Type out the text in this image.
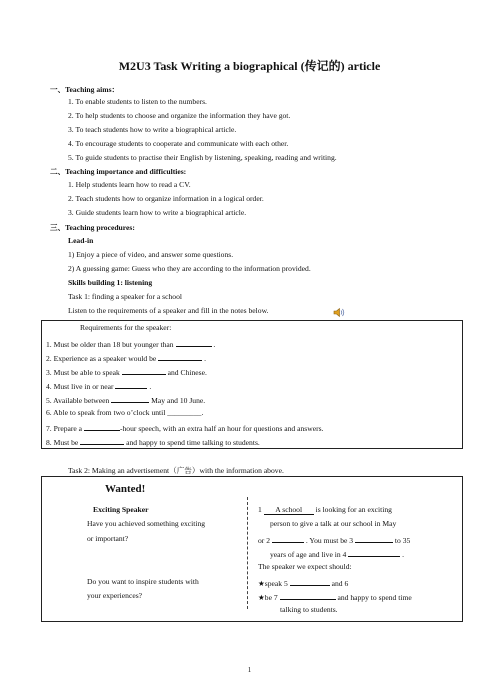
M2U3 Task Writing a biographical (传记的) article
一、Teaching aims：
1. To enable students to listen to the numbers.
2. To help students to choose and organize the information they have got.
3. To teach students how to write a biographical article.
4. To encourage students to cooperate and communicate with each other.
5. To guide students to practise their English by listening, speaking, reading and writing.
二、Teaching importance and difficulties:
1. Help students learn how to read a CV.
2. Teach students how to organize information in a logical order.
3. Guide students learn how to write a biographical article.
三、Teaching procedures:
Lead-in
1) Enjoy a piece of video, and answer some questions.
2) A guessing game: Guess who they are according to the information provided.
Skills building 1: listening
Task 1: finding a speaker for a school
Listen to the requirements of a speaker and fill in the notes below.
Requirements for the speaker:
1. Must be older than 18 but younger than	.
2. Experience as a speaker would be	.
3. Must be able to speak	and Chinese.
4. Must live in or near	.
5. Available between	May and 10 June.
6. Able to speak from two o’clock until _________.
7. Prepare a	-hour speech, with an extra half an hour for questions and answers.
8. Must be	and happy to spend time talking to students.
Task 2: Making an advertisement（广告）with the information above.
Wanted!
Exciting Speaker
Have you achieved something exciting
or important?
Do you want to inspire students with
your experiences?
1 A school is looking for an exciting
person to give a talk at our school in May
or 2	. You must be 3	to 35
years of age and live in 4	.
The speaker we expect should:
★speak 5	and 6
★be 7	and happy to spend time
talking to students.
1
